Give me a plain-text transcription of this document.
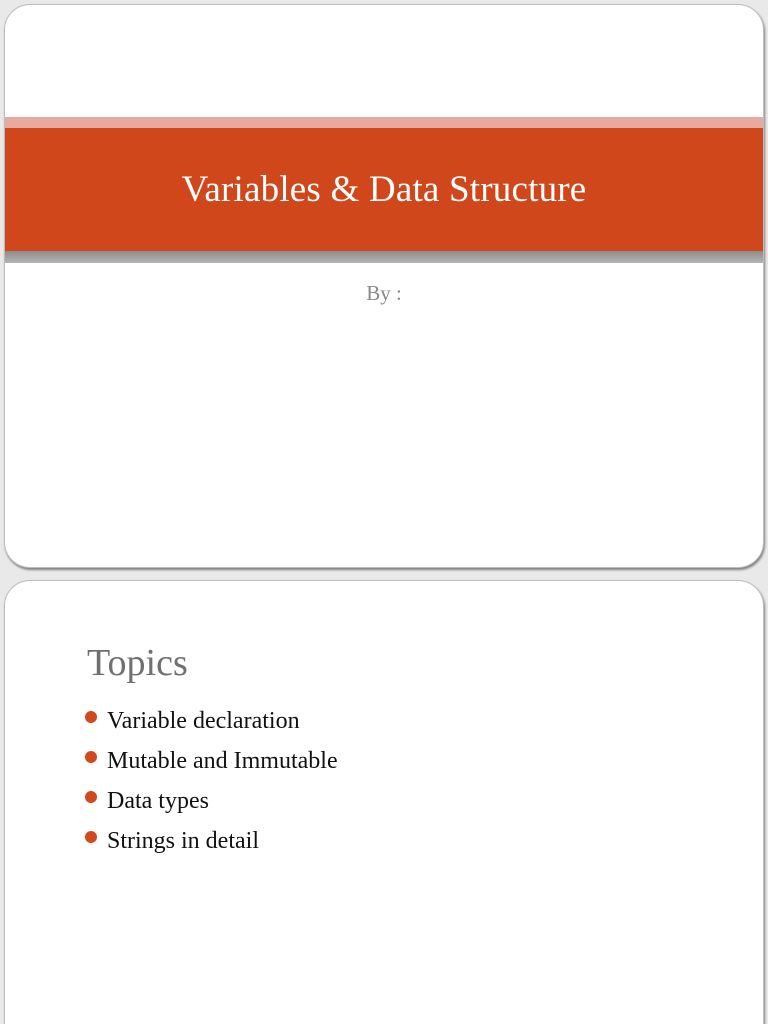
Variables & Data Structure
By :
Topics
Variable declaration
Mutable and Immutable
Data types
Strings in detail
